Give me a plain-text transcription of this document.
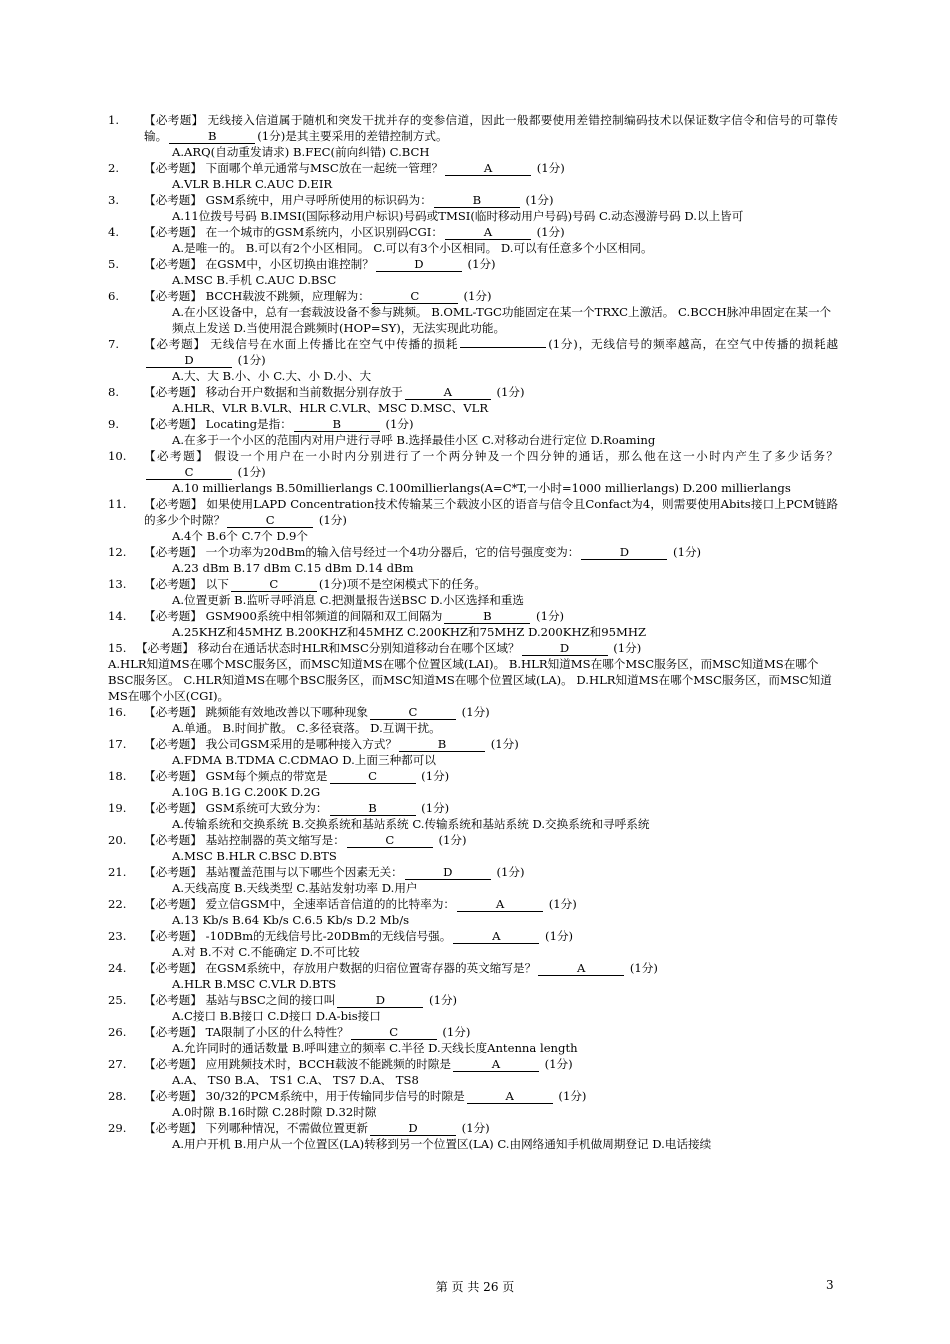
1.	【必考题】 无线接入信道属于随机和突发干扰并存的变参信道，因此一般都要使用差错控制编码技术以保证数字信令和信号的可靠传输。	B	(1分)是其主要采用的差错控制方式。
A.ARQ(自动重发请求) B.FEC(前向纠错) C.BCH
2.	【必考题】 下面哪个单元通常与MSC放在一起统一管理？	A	(1分)
A.VLR B.HLR C.AUC D.EIR
3.	【必考题】 GSM系统中，用户寻呼所使用的标识码为：	B	(1分)
A.11位拨号号码 B.IMSI(国际移动用户标识)号码或TMSI(临时移动用户号码)号码 C.动态漫游号码 D.以上皆可
4.	【必考题】 在一个城市的GSM系统内，小区识别码CGI：	A	(1分)
A.是唯一的。 B.可以有2个小区相同。 C.可以有3个小区相同。 D.可以有任意多个小区相同。
5.	【必考题】 在GSM中，小区切换由谁控制？	D	(1分)
A.MSC B.手机 C.AUC D.BSC
6.	【必考题】 BCCH载波不跳频，应理解为：	C	(1分)
A.在小区设备中，总有一套载波设备不参与跳频。 B.OML-TGC功能固定在某一个TRXC上激活。 C.BCCH脉冲串固定在某一个频点上发送 D.当使用混合跳频时(HOP=SY)，无法实现此功能。
7.	【必考题】 无线信号在水面上传播比在空气中传播的损耗	(1分)，无线信号的频率越高，在空气中传播的损耗越D	(1分)
A.大、大 B.小、小 C.大、小 D.小、大
8.	【必考题】 移动台开户数据和当前数据分别存放于	A	(1分)
A.HLR、VLR B.VLR、HLR C.VLR、MSC D.MSC、VLR
9.	【必考题】 Locating是指：	B	(1分)
A.在多于一个小区的范围内对用户进行寻呼 B.选择最佳小区 C.对移动台进行定位 D.Roaming
10.	【必考题】 假设一个用户在一小时内分别进行了一个两分钟及一个四分钟的通话，那么他在这一小时内产生了多少话务？C	(1分)
A.10 millierlangs B.50millierlangs C.100millierlangs(A=C*T,一小时=1000 millierlangs) D.200 millierlangs
11.	【必考题】 如果使用LAPD Concentration技术传输某三个载波小区的语音与信令且Confact为4，则需要使用Abits接口上PCM链路的多少个时隙？	C	(1分)
A.4个 B.6个 C.7个 D.9个
12.	【必考题】 一个功率为20dBm的输入信号经过一个4功分器后，它的信号强度变为：	D	(1分)
A.23 dBm B.17 dBm C.15 dBm D.14 dBm
13.	【必考题】 以下	C	(1分)项不是空闲模式下的任务。
A.位置更新 B.监听寻呼消息 C.把测量报告送BSC D.小区选择和重选
14.	【必考题】 GSM900系统中相邻频道的间隔和双工间隔为	B	(1分)
A.25KHZ和45MHZ B.200KHZ和45MHZ C.200KHZ和75MHZ D.200KHZ和95MHZ
15. 【必考题】 移动台在通话状态时HLR和MSC分别知道移动台在哪个区域？	D	(1分)
A.HLR知道MS在哪个MSC服务区，而MSC知道MS在哪个位置区域(LAI)。 B.HLR知道MS在哪个MSC服务区，而MSC知道MS在哪个BSC服务区。 C.HLR知道MS在哪个BSC服务区，而MSC知道MS在哪个位置区域(LA)。 D.HLR知道MS在哪个MSC服务区，而MSC知道MS在哪个小区(CGI)。
16.	【必考题】 跳频能有效地改善以下哪种现象	C	(1分)
A.单通。 B.时间扩散。 C.多径衰落。 D.互调干扰。
17.	【必考题】 我公司GSM采用的是哪种接入方式？	B	(1分)
A.FDMA B.TDMA C.CDMAO D.上面三种都可以
18.	【必考题】 GSM每个频点的带宽是	C	(1分)
A.10G B.1G C.200K D.2G
19.	【必考题】 GSM系统可大致分为：	B	(1分)
A.传输系统和交换系统 B.交换系统和基站系统 C.传输系统和基站系统 D.交换系统和寻呼系统
20.	【必考题】 基站控制器的英文缩写是：	C	(1分)
A.MSC B.HLR C.BSC D.BTS
21.	【必考题】 基站覆盖范围与以下哪些个因素无关：	D	(1分)
A.天线高度 B.天线类型 C.基站发射功率 D.用户
22.	【必考题】 爱立信GSM中，全速率话音信道的的比特率为：	A	(1分)
A.13 Kb/s B.64 Kb/s C.6.5 Kb/s D.2 Mb/s
23.	【必考题】 -10DBm的无线信号比-20DBm的无线信号强。	A	(1分)
A.对 B.不对 C.不能确定 D.不可比较
24.	【必考题】 在GSM系统中，存放用户数据的归宿位置寄存器的英文缩写是？	A	(1分)
A.HLR B.MSC C.VLR D.BTS
25.	【必考题】 基站与BSC之间的接口叫	D	(1分)
A.C接口 B.B接口 C.D接口 D.A-bis接口
26.	【必考题】 TA限制了小区的什么特性？	C	(1分)
A.允许同时的通话数量 B.呼叫建立的频率 C.半径 D.天线长度Antenna length
27.	【必考题】 应用跳频技术时，BCCH载波不能跳频的时隙是	A	(1分)
A.A、 TS0 B.A、 TS1 C.A、 TS7 D.A、 TS8
28.	【必考题】 30/32的PCM系统中，用于传输同步信号的时隙是	A	(1分)
A.0时隙 B.16时隙 C.28时隙 D.32时隙
29.	【必考题】 下列哪种情况，不需做位置更新	D	(1分)
A.用户开机 B.用户从一个位置区(LA)转移到另一个位置区(LA) C.由网络通知手机做周期登记 D.电话接续
第 页 共 26 页	3
